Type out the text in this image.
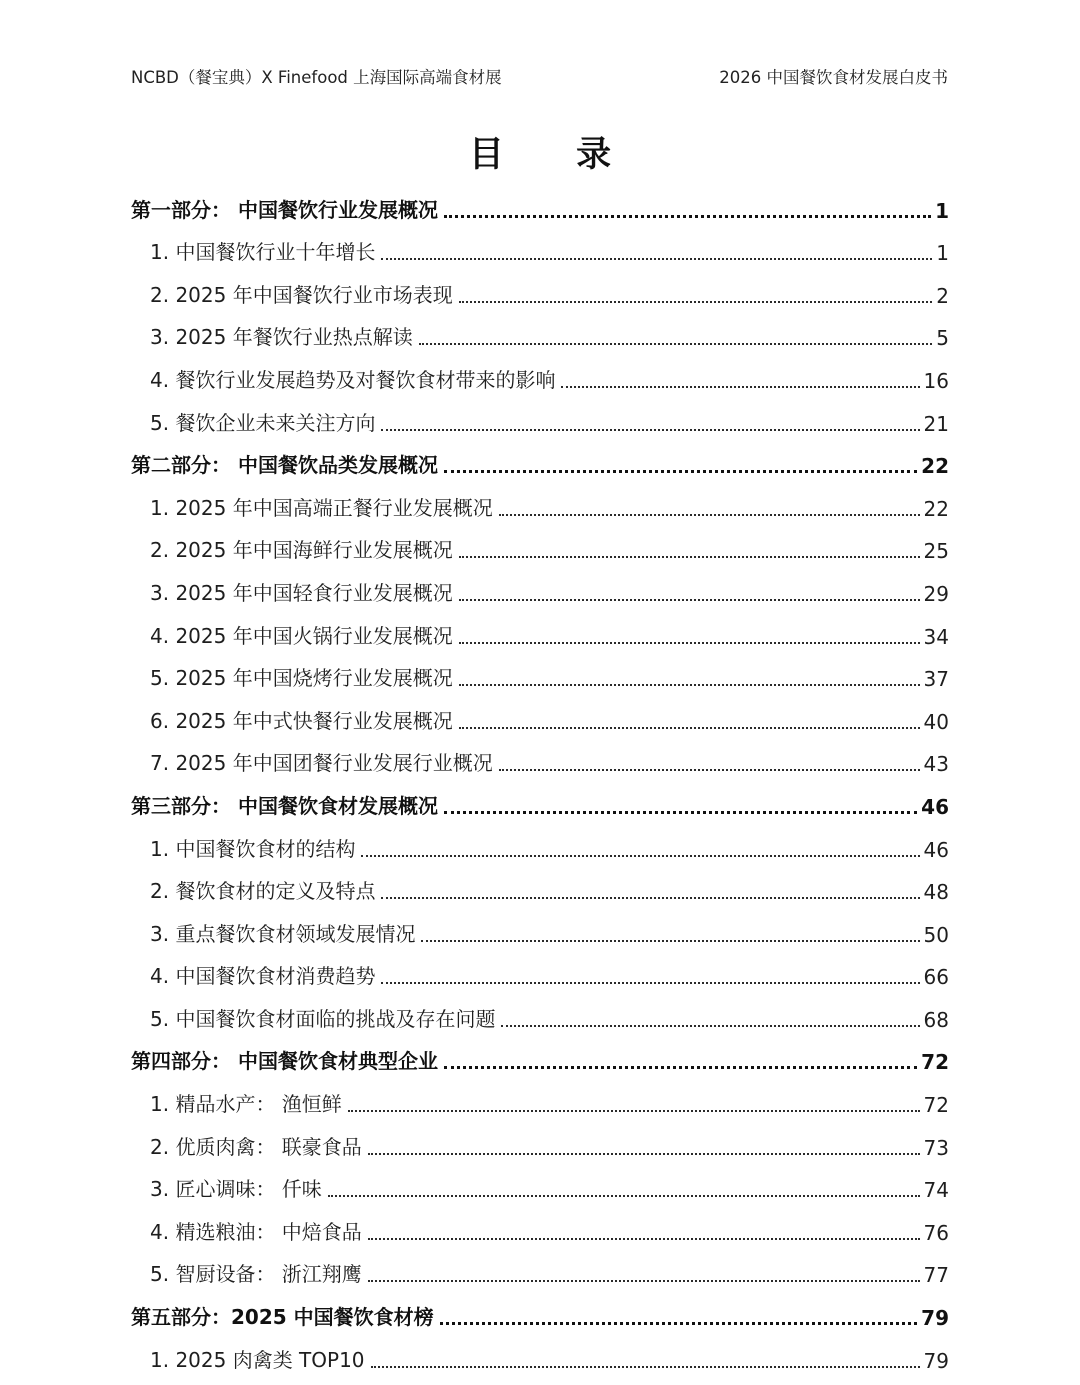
NCBD（餐宝典）X Finefood 上海国际高端食材展	2026 中国餐饮食材发展白皮书
目 录
第一部分： 中国餐饮行业发展概况	1
1. 中国餐饮行业十年增长	1
2. 2025 年中国餐饮行业市场表现	2
3. 2025 年餐饮行业热点解读	5
4. 餐饮行业发展趋势及对餐饮食材带来的影响	16
5. 餐饮企业未来关注方向	21
第二部分： 中国餐饮品类发展概况	22
1. 2025 年中国高端正餐行业发展概况	22
2. 2025 年中国海鲜行业发展概况	25
3. 2025 年中国轻食行业发展概况	29
4. 2025 年中国火锅行业发展概况	34
5. 2025 年中国烧烤行业发展概况	37
6. 2025 年中式快餐行业发展概况	40
7. 2025 年中国团餐行业发展行业概况	43
第三部分： 中国餐饮食材发展概况	46
1. 中国餐饮食材的结构	46
2. 餐饮食材的定义及特点	48
3. 重点餐饮食材领域发展情况	50
4. 中国餐饮食材消费趋势	66
5. 中国餐饮食材面临的挑战及存在问题	68
第四部分： 中国餐饮食材典型企业	72
1. 精品水产： 渔恒鲜	72
2. 优质肉禽： 联豪食品	73
3. 匠心调味： 仟味	74
4. 精选粮油： 中焙食品	76
5. 智厨设备： 浙江翔鹰	77
第五部分：2025 中国餐饮食材榜	79
1. 2025 肉禽类 TOP10	79
